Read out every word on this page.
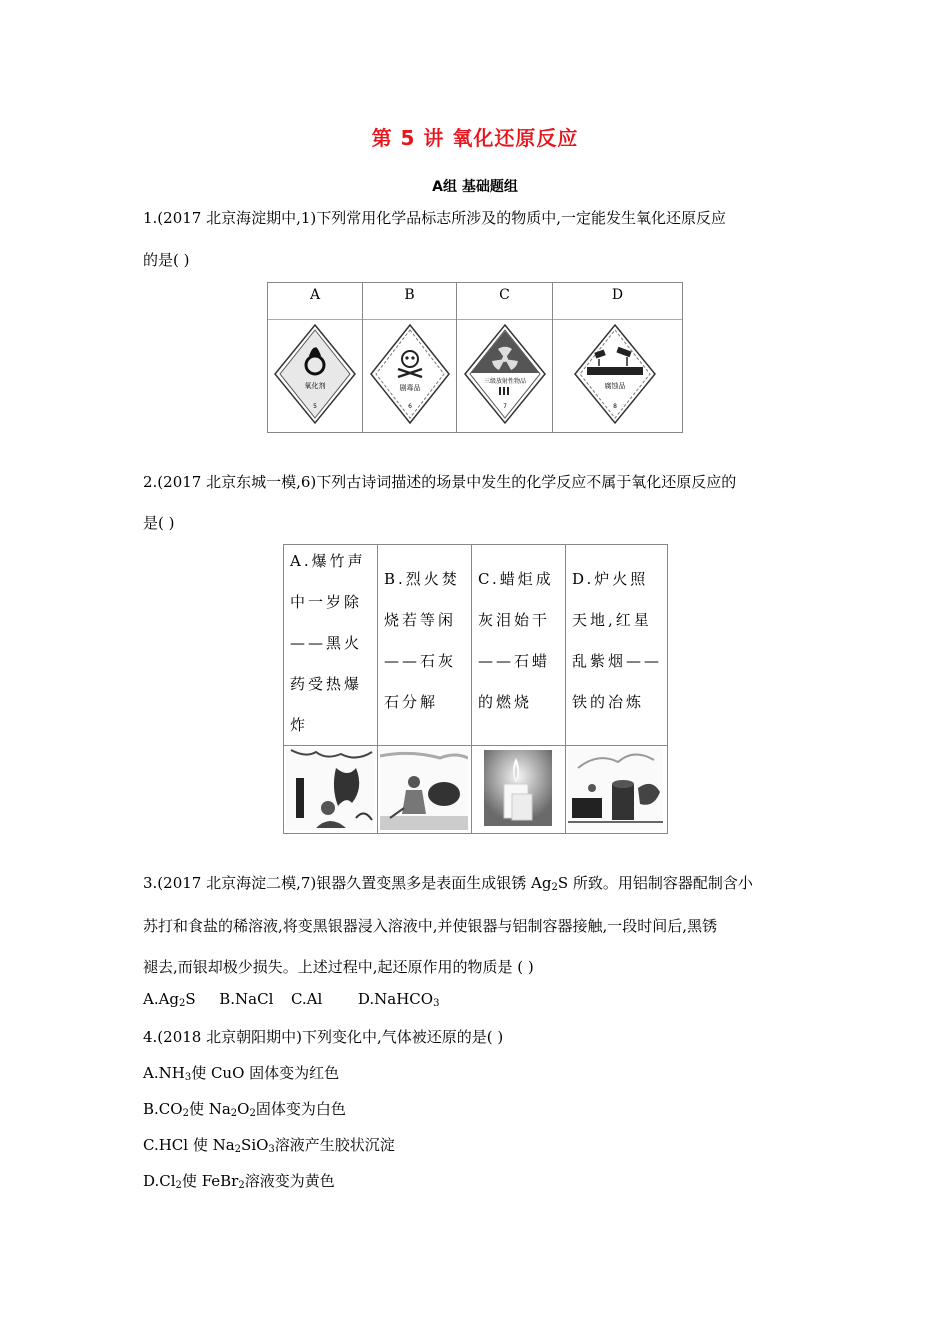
第 5 讲 氧化还原反应
A组 基础题组
1.(2017 北京海淀期中,1)下列常用化学品标志所涉及的物质中,一定能发生氧化还原反应
的是( )
A
氧化剂
5
B
剧毒品
6
C
三级放射性物品
7
D
腐蚀品
8
2.(2017 北京东城一模,6)下列古诗词描述的场景中发生的化学反应不属于氧化还原反应的
是( )
A.爆竹声中一岁除——黑火药受热爆炸
B.烈火焚烧若等闲——石灰石分解
C.蜡炬成灰泪始干——石蜡的燃烧
D.炉火照天地,红星乱紫烟——铁的冶炼
3.(2017 北京海淀二模,7)银器久置变黑多是表面生成银锈 $Ag_2S$ 所致。用铝制容器配制含小
苏打和食盐的稀溶液,将变黑银器浸入溶液中,并使银器与铝制容器接触,一段时间后,黑锈
褪去,而银却极少损失。上述过程中,起还原作用的物质是 ( )
$A.Ag_2S$ B.NaCl C.Al D.NaHCO$_3$
4.(2018 北京朝阳期中)下列变化中,气体被还原的是( )
$A.NH_3$使 CuO 固体变为红色
$B.CO_2$使 $Na_2O_2$固体变为白色
C.HCl 使 $Na_2SiO_3$溶液产生胶状沉淀
$D.Cl_2$使 FeBr$_2$溶液变为黄色
